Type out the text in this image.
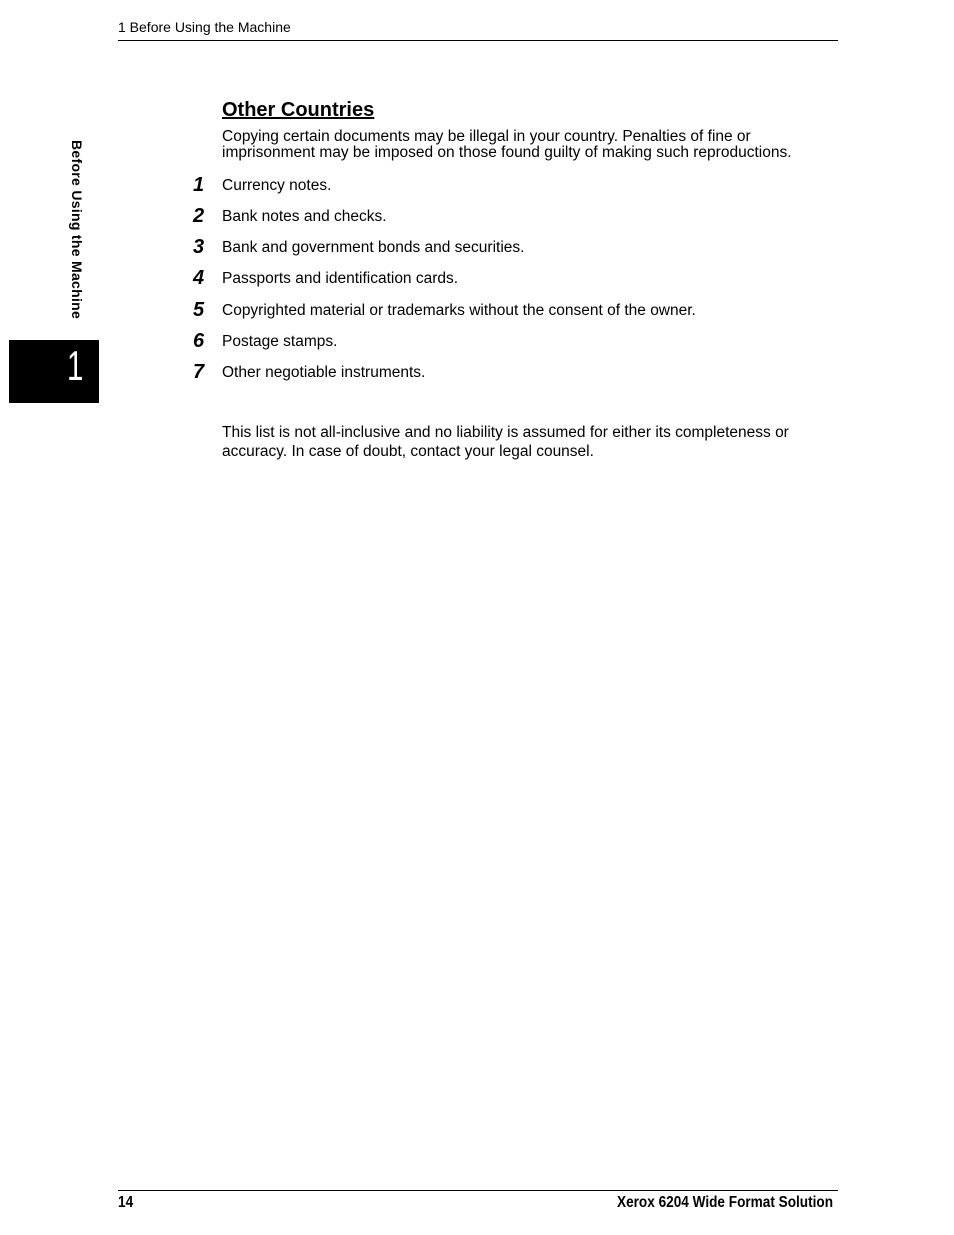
1 Before Using the Machine
Before Using the Machine
1
Other Countries
Copying certain documents may be illegal in your country. Penalties of fine or imprisonment may be imposed on those found guilty of making such reproductions.
1 Currency notes.
2 Bank notes and checks.
3 Bank and government bonds and securities.
4 Passports and identification cards.
5 Copyrighted material or trademarks without the consent of the owner.
6 Postage stamps.
7 Other negotiable instruments.
This list is not all-inclusive and no liability is assumed for either its completeness or accuracy. In case of doubt, contact your legal counsel.
14	Xerox 6204 Wide Format Solution
